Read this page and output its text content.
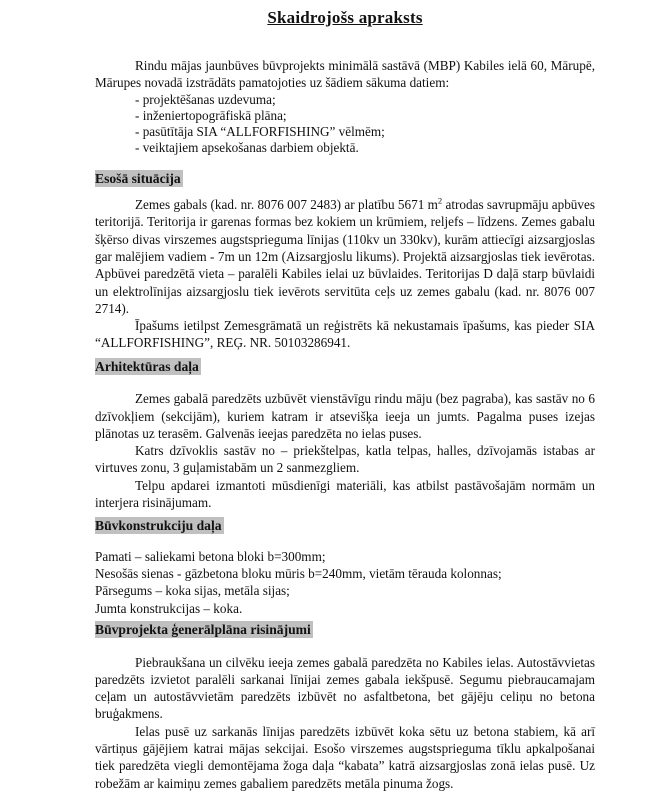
Skaidrojošs apraksts

Rindu mājas jaunbūves būvprojekts minimālā sastāvā (MBP) Kabiles ielā 60, Mārupē, Mārupes novadā izstrādāts pamatojoties uz šādiem sākuma datiem:

- projektēšanas uzdevuma;

- inženiertopogrāfiskā plāna;

- pasūtītāja SIA “ALLFORFISHING” vēlmēm;

- veiktajiem apsekošanas darbiem objektā.

Esošā situācija

Zemes gabals (kad. nr. 8076 007 2483) ar platību 5671 $m^2$ atrodas savrupmāju apbūves teritorijā. Teritorija ir garenas formas bez kokiem un krūmiem, reljefs – līdzens. Zemes gabalu šķērso divas virszemes augstsprieguma līnijas (110kv un 330kv), kurām attiecīgi aizsargjoslas gar malējiem vadiem - 7m un 12m (Aizsargjoslu likums). Projektā aizsargjoslas tiek ievērotas. Apbūvei paredzētā vieta – paralēli Kabiles ielai uz būvlaides. Teritorijas D daļā starp būvlaidi un elektrolīnijas aizsargjoslu tiek ievērots servitūta ceļs uz zemes gabalu (kad. nr. 8076 007 2714).

Īpašums ietilpst Zemesgrāmatā un reģistrēts kā nekustamais īpašums, kas pieder SIA “ALLFORFISHING”, REĢ. NR. 50103286941.

Arhitektūras daļa

Zemes gabalā paredzēts uzbūvēt vienstāvīgu rindu māju (bez pagraba), kas sastāv no 6 dzīvokļiem (sekcijām), kuriem katram ir atsevišķa ieeja un jumts. Pagalma puses izejas plānotas uz terasēm. Galvenās ieejas paredzēta no ielas puses.

Katrs dzīvoklis sastāv no – priekštelpas, katla telpas, halles, dzīvojamās istabas ar virtuves zonu, 3 guļamistabām un 2 sanmezgliem.

Telpu apdarei izmantoti mūsdienīgi materiāli, kas atbilst pastāvošajām normām un interjera risinājumam.

Būvkonstrukciju daļa

Pamati – saliekami betona bloki b=300mm;

Nesošās sienas - gāzbetona bloku mūris b=240mm, vietām tērauda kolonnas;

Pārsegums – koka sijas, metāla sijas;

Jumta konstrukcijas – koka.

Būvprojekta ģenerālplāna risinājumi

Piebraukšana un cilvēku ieeja zemes gabalā paredzēta no Kabiles ielas. Autostāvvietas paredzēts izvietot paralēli sarkanai līnijai zemes gabala iekšpusē. Segumu piebraucamajam ceļam un autostāvvietām paredzēts izbūvēt no asfaltbetona, bet gājēju celiņu no betona bruģakmens.

Ielas pusē uz sarkanās līnijas paredzēts izbūvēt koka sētu uz betona stabiem, kā arī vārtiņus gājējiem katrai mājas sekcijai. Esošo virszemes augstsprieguma tīklu apkalpošanai tiek paredzēta viegli demontējama žoga daļa “kabata” katrā aizsargjoslas zonā ielas pusē. Uz robežām ar kaimiņu zemes gabaliem paredzēts metāla pinuma žogs.
